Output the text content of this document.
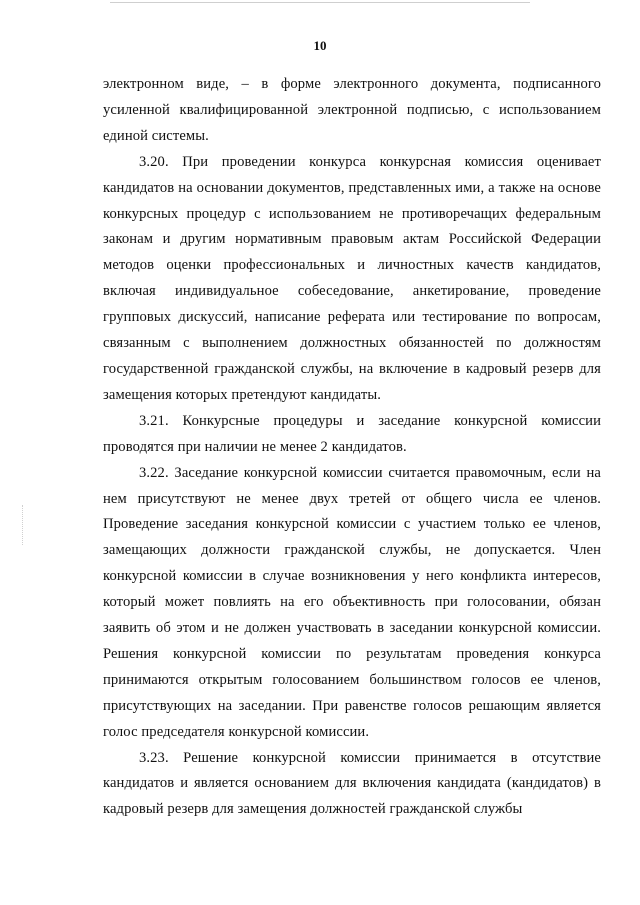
10

электронном виде, – в форме электронного документа, подписанного усиленной квалифицированной электронной подписью, с использованием единой системы.

3.20. При проведении конкурса конкурсная комиссия оценивает кандидатов на основании документов, представленных ими, а также на основе конкурсных процедур с использованием не противоречащих федеральным законам и другим нормативным правовым актам Российской Федерации методов оценки профессиональных и личностных качеств кандидатов, включая индивидуальное собеседование, анкетирование, проведение групповых дискуссий, написание реферата или тестирование по вопросам, связанным с выполнением должностных обязанностей по должностям государственной гражданской службы, на включение в кадровый резерв для замещения которых претендуют кандидаты.

3.21. Конкурсные процедуры и заседание конкурсной комиссии проводятся при наличии не менее 2 кандидатов.

3.22. Заседание конкурсной комиссии считается правомочным, если на нем присутствуют не менее двух третей от общего числа ее членов. Проведение заседания конкурсной комиссии с участием только ее членов, замещающих должности гражданской службы, не допускается. Член конкурсной комиссии в случае возникновения у него конфликта интересов, который может повлиять на его объективность при голосовании, обязан заявить об этом и не должен участвовать в заседании конкурсной комиссии. Решения конкурсной комиссии по результатам проведения конкурса принимаются открытым голосованием большинством голосов ее членов, присутствующих на заседании. При равенстве голосов решающим является голос председателя конкурсной комиссии.

3.23. Решение конкурсной комиссии принимается в отсутствие кандидатов и является основанием для включения кандидата (кандидатов) в кадровый резерв для замещения должностей гражданской службы
